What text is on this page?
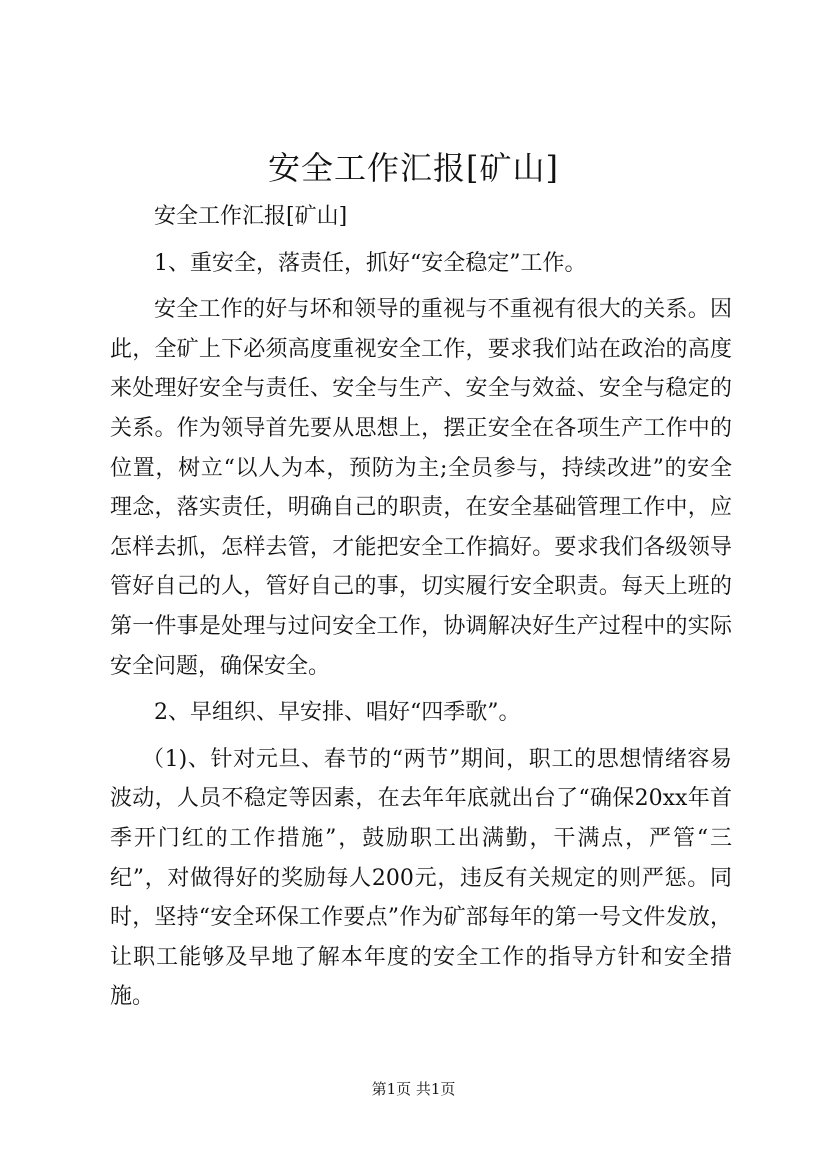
安全工作汇报[矿山]

安全工作汇报[矿山]

1、重安全，落责任，抓好“安全稳定”工作。

安全工作的好与坏和领导的重视与不重视有很大的关系。因此，全矿上下必须高度重视安全工作，要求我们站在政治的高度来处理好安全与责任、安全与生产、安全与效益、安全与稳定的关系。作为领导首先要从思想上，摆正安全在各项生产工作中的位置，树立“以人为本，预防为主;全员参与，持续改进”的安全理念，落实责任，明确自己的职责，在安全基础管理工作中，应怎样去抓，怎样去管，才能把安全工作搞好。要求我们各级领导管好自己的人，管好自己的事，切实履行安全职责。每天上班的第一件事是处理与过问安全工作，协调解决好生产过程中的实际安全问题，确保安全。

2、早组织、早安排、唱好“四季歌”。

（1)、针对元旦、春节的“两节”期间，职工的思想情绪容易波动，人员不稳定等因素，在去年年底就出台了“确保20xx年首季开门红的工作措施”，鼓励职工出满勤，干满点，严管“三纪”，对做得好的奖励每人200元，违反有关规定的则严惩。同时，坚持“安全环保工作要点”作为矿部每年的第一号文件发放，让职工能够及早地了解本年度的安全工作的指导方针和安全措施。

第1页 共1页
